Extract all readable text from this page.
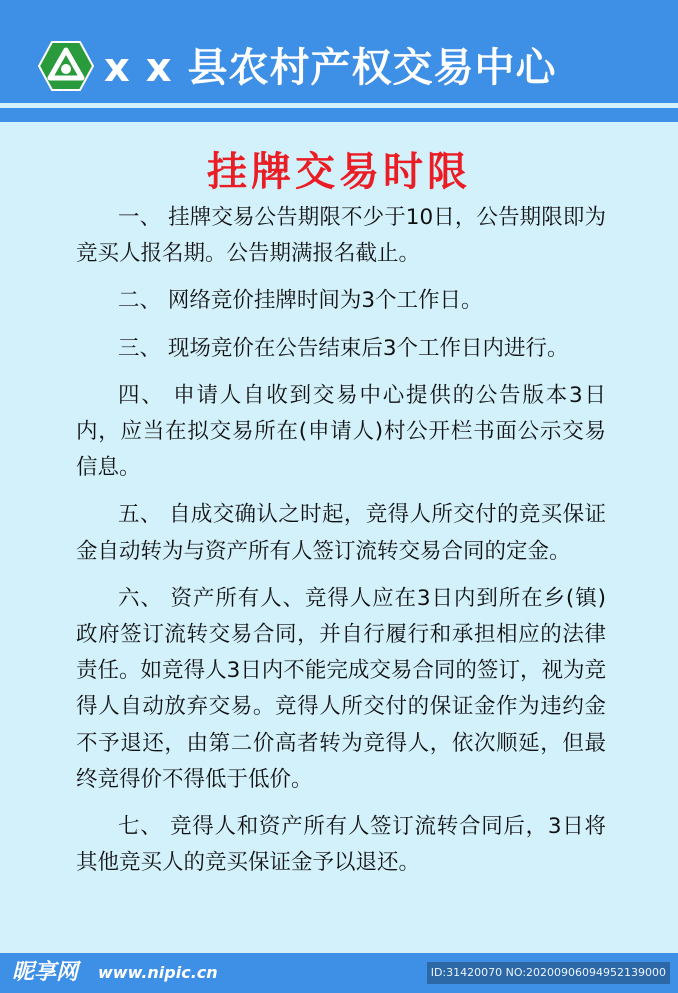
x x 县农村产权交易中心
挂牌交易时限

一、 挂牌交易公告期限不少于10日，公告期限即为竞买人报名期。公告期满报名截止。

二、 网络竞价挂牌时间为3个工作日。

三、 现场竞价在公告结束后3个工作日内进行。

四、 申请人自收到交易中心提供的公告版本3日内，应当在拟交易所在(申请人)村公开栏书面公示交易信息。

五、 自成交确认之时起，竞得人所交付的竞买保证金自动转为与资产所有人签订流转交易合同的定金。

六、 资产所有人、竞得人应在3日内到所在乡(镇)政府签订流转交易合同，并自行履行和承担相应的法律责任。如竞得人3日内不能完成交易合同的签订，视为竞得人自动放弃交易。竞得人所交付的保证金作为违约金不予退还，由第二价高者转为竞得人，依次顺延，但最终竞得价不得低于低价。

七、 竞得人和资产所有人签订流转合同后，3日将其他竞买人的竞买保证金予以退还。

昵享网 www.nipic.cn	ID:31420070 NO:20200906094952139000
